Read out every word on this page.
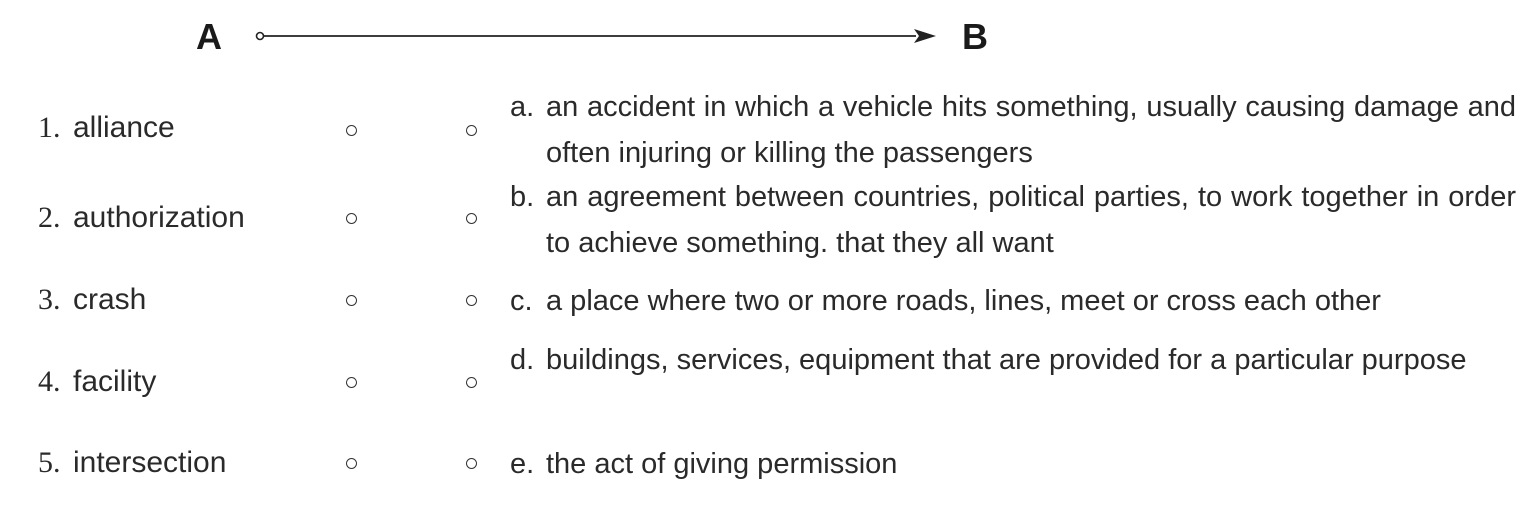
A	B
1. alliance
2. authorization
3. crash
4. facility
5. intersection
a. an accident in which a vehicle hits something, usually causing damage and often injuring or killing the passengers
b. an agreement between countries, political parties, to work together in order to achieve something. that they all want
c. a place where two or more roads, lines, meet or cross each other
d. buildings, services, equipment that are provided for a particular purpose
e. the act of giving permission
